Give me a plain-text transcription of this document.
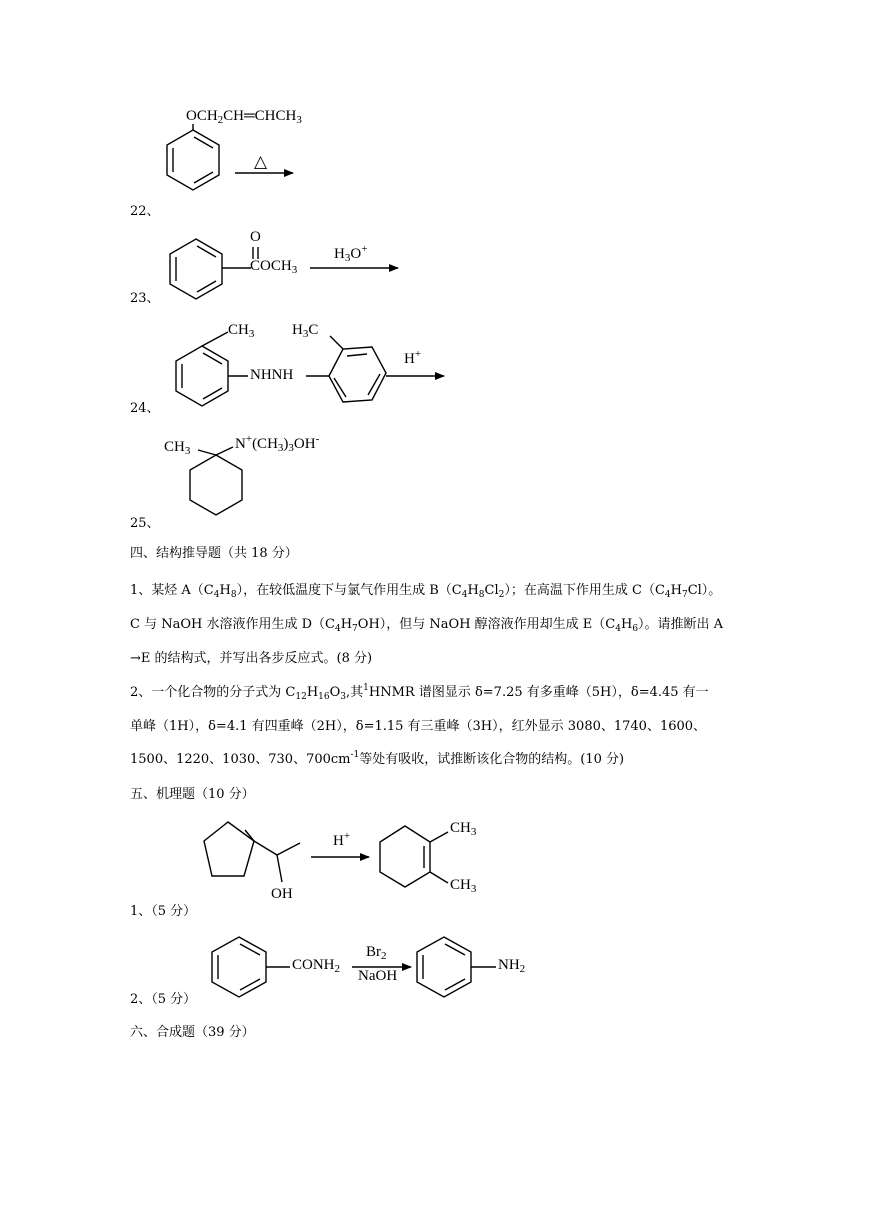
$OCH_2CH═CHCH_3$
△
22、
O
$COCH_3$
$H_3O^+$
23、
$CH_3$	$H_3C$
NHNH
H+
24、
$CH_3$	$N^+(CH_3)_3OH^-$
25、
四、结构推导题（共 18 分）
1、某烃 $A(C_4H_8)$，在较低温度下与氯气作用生成 $B(C_4H_8Cl_2)$；在高温下作用生成 $C(C_4H_7Cl)$。
C 与 NaOH 水溶液作用生成 $D(C_4H_7OH)$，但与 NaOH 醇溶液作用却生成 $E(C_4H_6)$。请推断出 A
→E 的结构式，并写出各步反应式。(8 分)
2、一个化合物的分子式为 $C_{12}H_{16}O_3$,其$^1$HNMR 谱图显示 δ=7.25 有多重峰（5H），δ=4.45 有一
单峰（1H），δ=4.1 有四重峰（2H），δ=1.15 有三重峰（3H），红外显示 3080、1740、1600、
1500、1220、1030、730、$700cm^{-1}$等处有吸收，试推断该化合物的结构。(10 分)
五、机理题（10 分）
OH
H+	$CH_3$
$CH_3$
1、（5 分）
$CONH_2$
$Br_2$
NaOH
$NH_2$
2、（5 分）
六、合成题（39 分）
